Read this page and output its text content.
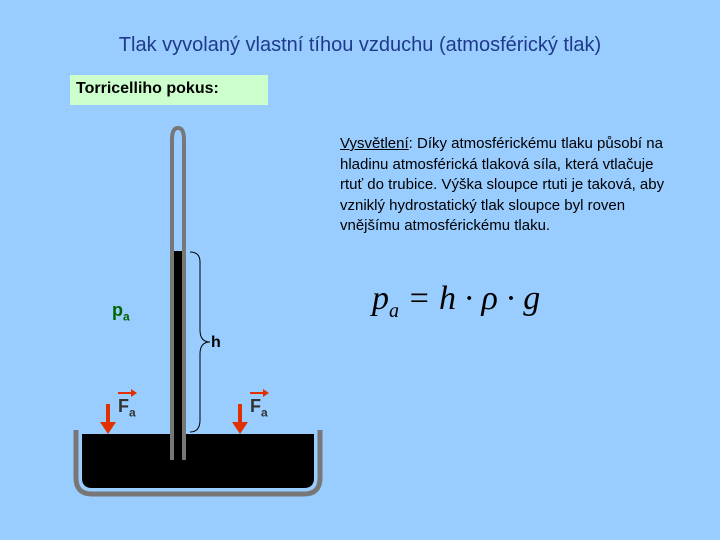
Tlak vyvolaný vlastní tíhou vzduchu (atmosférický tlak)
Torricelliho pokus:
Vysvětlení: Díky atmosférickému tlaku působí na hladinu atmosférická tlaková síla, která vtlačuje rtuť do trubice. Výška sloupce rtuti je taková, aby vzniklý hydrostatický tlak sloupce byl roven vnějšímu atmosférickému tlaku.
$p_a = h \cdot \rho \cdot g$
$p_a$
h
$F_a$	$F_a$
